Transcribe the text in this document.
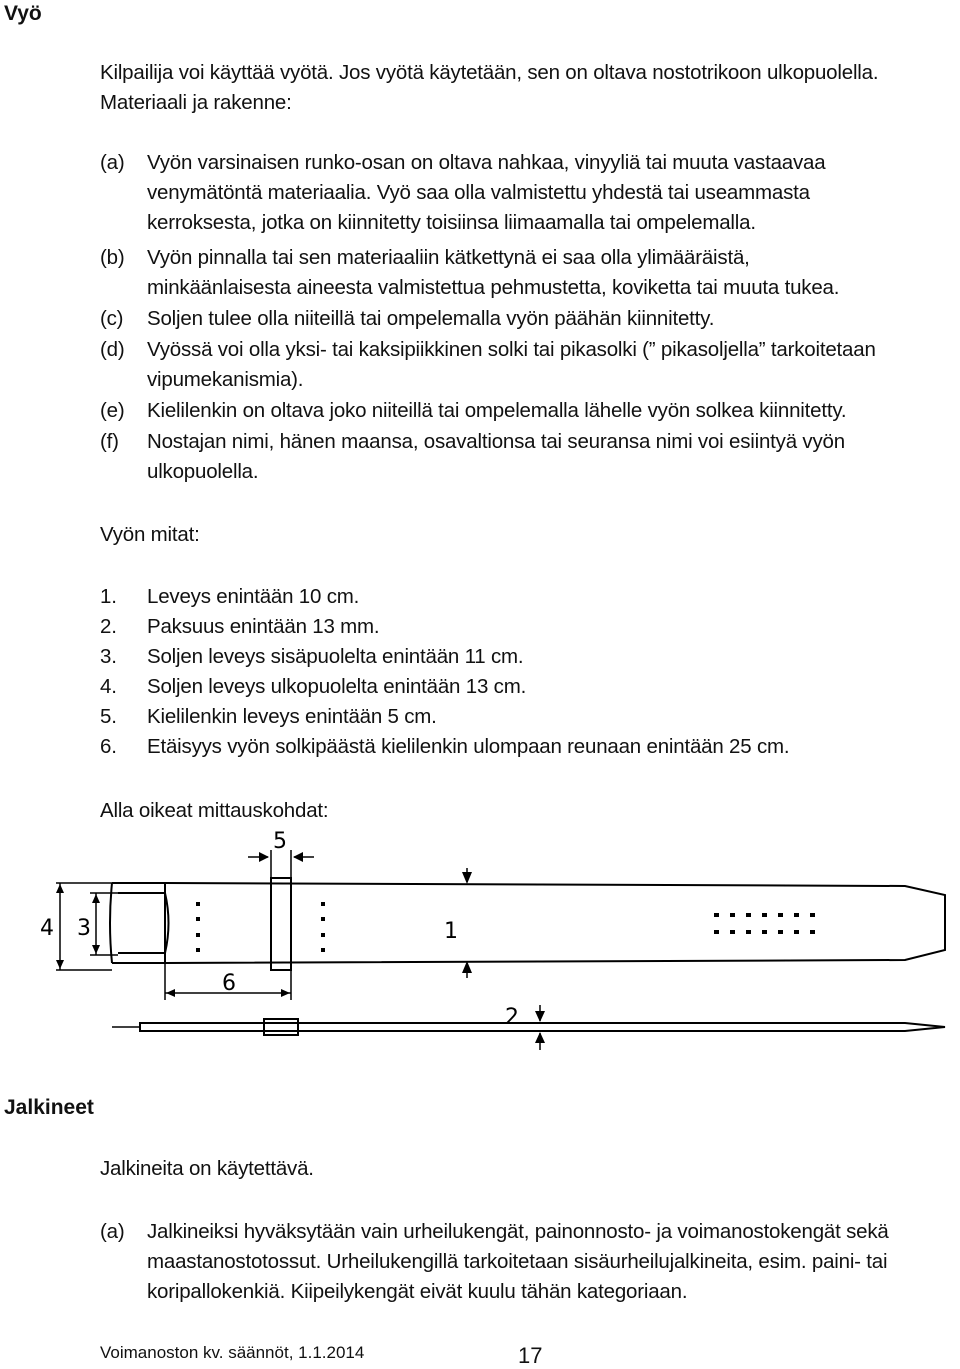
Vyö
Kilpailija voi käyttää vyötä. Jos vyötä käytetään, sen on oltava nostotrikoon ulkopuolella.
Materiaali ja rakenne:
(a) Vyön varsinaisen runko-osan on oltava nahkaa, vinyyliä tai muuta vastaavaa
venymätöntä materiaalia. Vyö saa olla valmistettu yhdestä tai useammasta
kerroksesta, jotka on kiinnitetty toisiinsa liimaamalla tai ompelemalla.
(b) Vyön pinnalla tai sen materiaaliin kätkettynä ei saa olla ylimääräistä,
minkäänlaisesta aineesta valmistettua pehmustetta, koviketta tai muuta tukea.
(c) Soljen tulee olla niiteillä tai ompelemalla vyön päähän kiinnitetty.
(d) Vyössä voi olla yksi- tai kaksipiikkinen solki tai pikasolki (” pikasoljella” tarkoitetaan
vipumekanismia).
(e) Kielilenkin on oltava joko niiteillä tai ompelemalla lähelle vyön solkea kiinnitetty.
(f) Nostajan nimi, hänen maansa, osavaltionsa tai seuransa nimi voi esiintyä vyön
ulkopuolella.
Vyön mitat:
1. Leveys enintään 10 cm.
2. Paksuus enintään 13 mm.
3. Soljen leveys sisäpuolelta enintään 11 cm.
4. Soljen leveys ulkopuolelta enintään 13 cm.
5. Kielilenkin leveys enintään 5 cm.
6. Etäisyys vyön solkipäästä kielilenkin ulompaan reunaan enintään 25 cm.
Alla oikeat mittauskohdat:
1
2
3
4
5
6
Jalkineet
Jalkineita on käytettävä.
(a) Jalkineiksi hyväksytään vain urheilukengät, painonnosto- ja voimanostokengät sekä
maastanostotossut. Urheilukengillä tarkoitetaan sisäurheilujalkineita, esim. paini- tai
koripallokenkiä. Kiipeilykengät eivät kuulu tähän kategoriaan.
Voimanoston kv. säännöt, 1.1.2014	17
